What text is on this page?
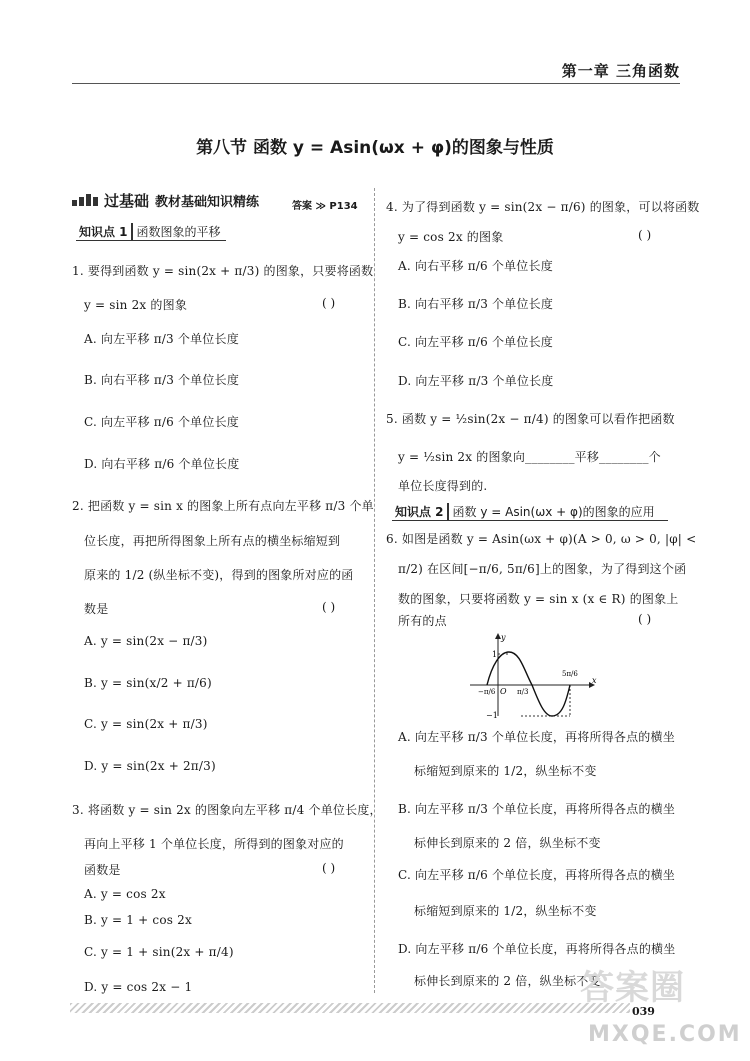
第一章 三角函数
第八节 函数 y = Asin(ωx + φ)的图象与性质
过基础 教材基础知识精练	答案 ≫ P134
知识点 1 函数图象的平移
1. 要得到函数 y = sin(2x + π/3) 的图象，只要将函数
y = sin 2x 的图象	( )
A. 向左平移 π/3 个单位长度
B. 向右平移 π/3 个单位长度
C. 向左平移 π/6 个单位长度
D. 向右平移 π/6 个单位长度
2. 把函数 y = sin x 的图象上所有点向左平移 π/3 个单
位长度，再把所得图象上所有点的横坐标缩短到
原来的 1/2 (纵坐标不变)，得到的图象所对应的函
数是	( )
A. y = sin(2x − π/3)
B. y = sin(x/2 + π/6)
C. y = sin(2x + π/3)
D. y = sin(2x + 2π/3)
3. 将函数 y = sin 2x 的图象向左平移 π/4 个单位长度，
再向上平移 1 个单位长度，所得到的图象对应的
函数是	( )
A. y = cos 2x
B. y = 1 + cos 2x
C. y = 1 + sin(2x + π/4)
D. y = cos 2x − 1
4. 为了得到函数 y = sin(2x − π/6) 的图象，可以将函数
y = cos 2x 的图象	( )
A. 向右平移 π/6 个单位长度
B. 向右平移 π/3 个单位长度
C. 向左平移 π/6 个单位长度
D. 向左平移 π/3 个单位长度
5. 函数 y = ½sin(2x − π/4) 的图象可以看作把函数
y = ½sin 2x 的图象向________平移________个
单位长度得到的.
知识点 2 函数 y = Asin(ωx + φ)的图象的应用
6. 如图是函数 y = Asin(ωx + φ)(A > 0, ω > 0, |φ| <
π/2) 在区间[−π/6, 5π/6]上的图象，为了得到这个函
数的图象，只要将函数 y = sin x (x ∈ R) 的图象上
所有的点	( )
y
x
1
−1
O
−π/6	π/3
5π/6
A. 向左平移 π/3 个单位长度，再将所得各点的横坐
标缩短到原来的 1/2，纵坐标不变
B. 向左平移 π/3 个单位长度，再将所得各点的横坐
标伸长到原来的 2 倍，纵坐标不变
C. 向左平移 π/6 个单位长度，再将所得各点的横坐
标缩短到原来的 1/2，纵坐标不变
D. 向左平移 π/6 个单位长度，再将所得各点的横坐
标伸长到原来的 2 倍，纵坐标不变
039
答案圈
MXQE.COM
